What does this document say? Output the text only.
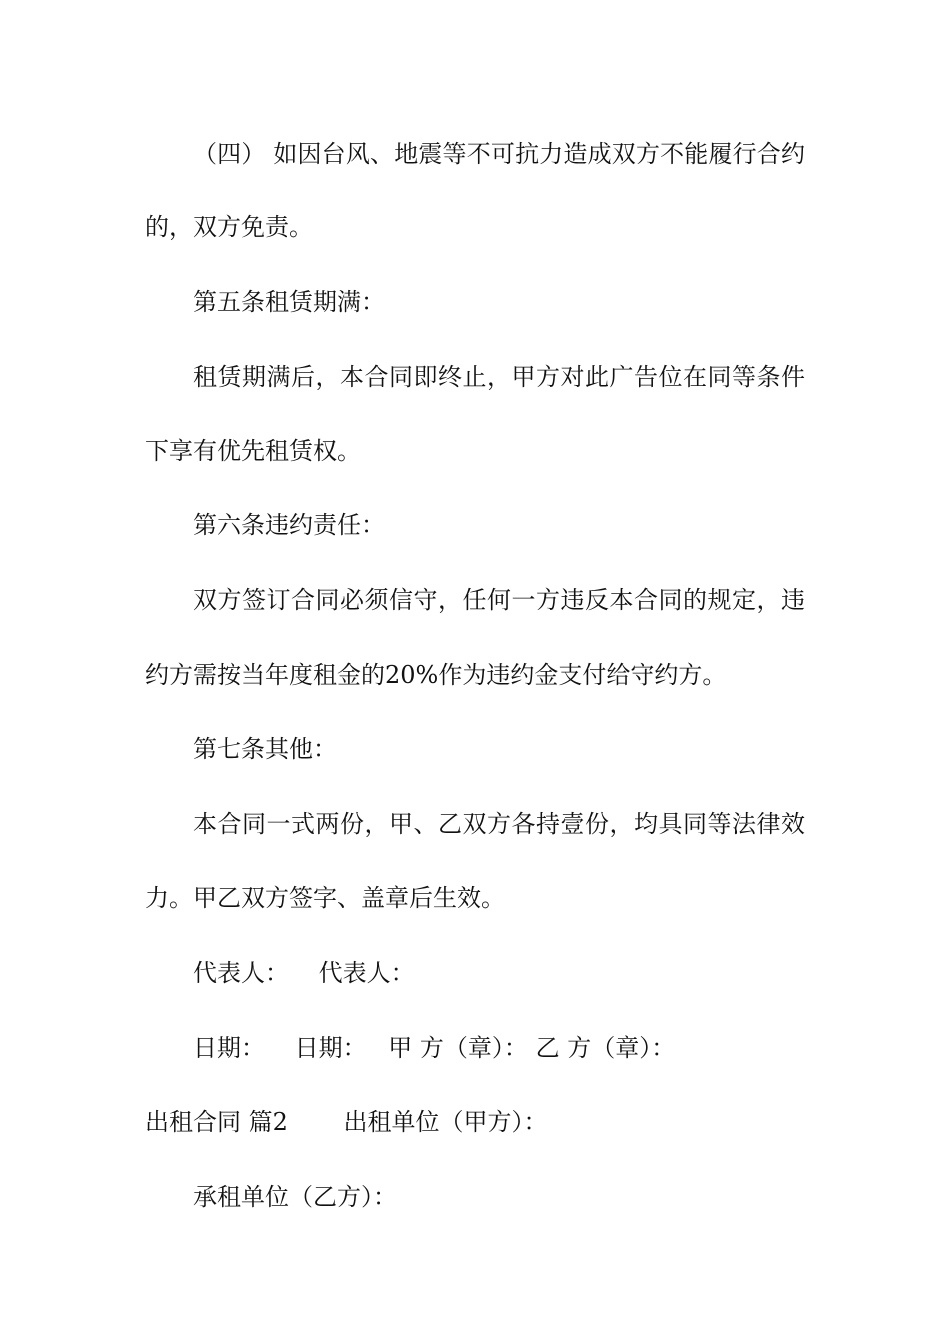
（四） 如因台风、地震等不可抗力造成双方不能履行合约
的，双方免责。
第五条租赁期满：
租赁期满后，本合同即终止，甲方对此广告位在同等条件
下享有优先租赁权。
第六条违约责任：
双方签订合同必须信守，任何一方违反本合同的规定，违
约方需按当年度租金的20%作为违约金支付给守约方。
第七条其他：
本合同一式两份，甲、乙双方各持壹份，均具同等法律效
力。甲乙双方签字、盖章后生效。
代表人： 代表人：
日期： 日期： 甲 方（章）： 乙 方（章）：
出租合同 篇2 出租单位（甲方）：
承租单位（乙方）：
